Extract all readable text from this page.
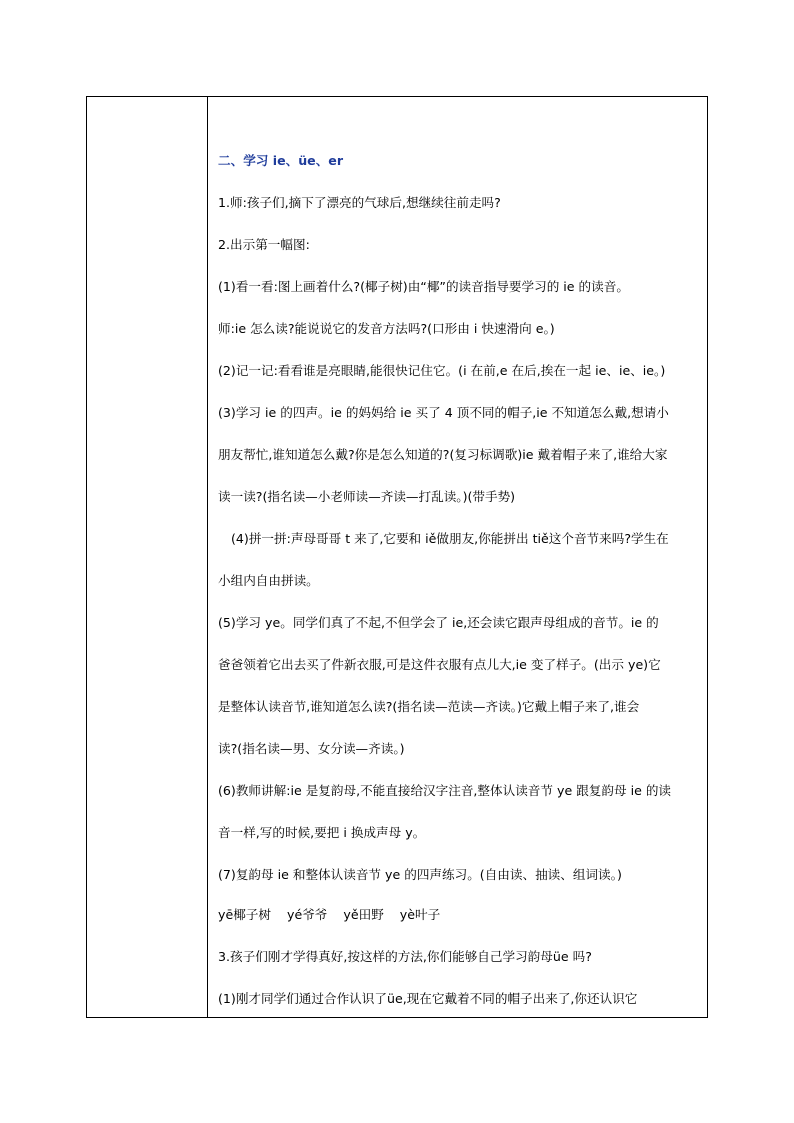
二、学习 ie、üe、er
1.师:孩子们,摘下了漂亮的气球后,想继续往前走吗?
2.出示第一幅图:
(1)看一看:图上画着什么?(椰子树)由“椰”的读音指导要学习的 ie 的读音。
师:ie 怎么读?能说说它的发音方法吗?(口形由 i 快速滑向 e。)
(2)记一记:看看谁是亮眼睛,能很快记住它。(i 在前,e 在后,挨在一起 ie、ie、ie。)
(3)学习 ie 的四声。ie 的妈妈给 ie 买了 4 顶不同的帽子,ie 不知道怎么戴,想请小
朋友帮忙,谁知道怎么戴?你是怎么知道的?(复习标调歌)ie 戴着帽子来了,谁给大家
读一读?(指名读—小老师读—齐读—打乱读。)(带手势)
(4)拼一拼:声母哥哥 t 来了,它要和 iě做朋友,你能拼出 tiě这个音节来吗?学生在
小组内自由拼读。
(5)学习 ye。同学们真了不起,不但学会了 ie,还会读它跟声母组成的音节。ie 的
爸爸领着它出去买了件新衣服,可是这件衣服有点儿大,ie 变了样子。(出示 ye)它
是整体认读音节,谁知道怎么读?(指名读—范读—齐读。)它戴上帽子来了,谁会
读?(指名读—男、女分读—齐读。)
(6)教师讲解:ie 是复韵母,不能直接给汉字注音,整体认读音节 ye 跟复韵母 ie 的读
音一样,写的时候,要把 i 换成声母 y。
(7)复韵母 ie 和整体认读音节 ye 的四声练习。(自由读、抽读、组词读。)
yē椰子树    yé爷爷    yě田野    yè叶子
3.孩子们刚才学得真好,按这样的方法,你们能够自己学习韵母üe 吗?
(1)刚才同学们通过合作认识了üe,现在它戴着不同的帽子出来了,你还认识它
